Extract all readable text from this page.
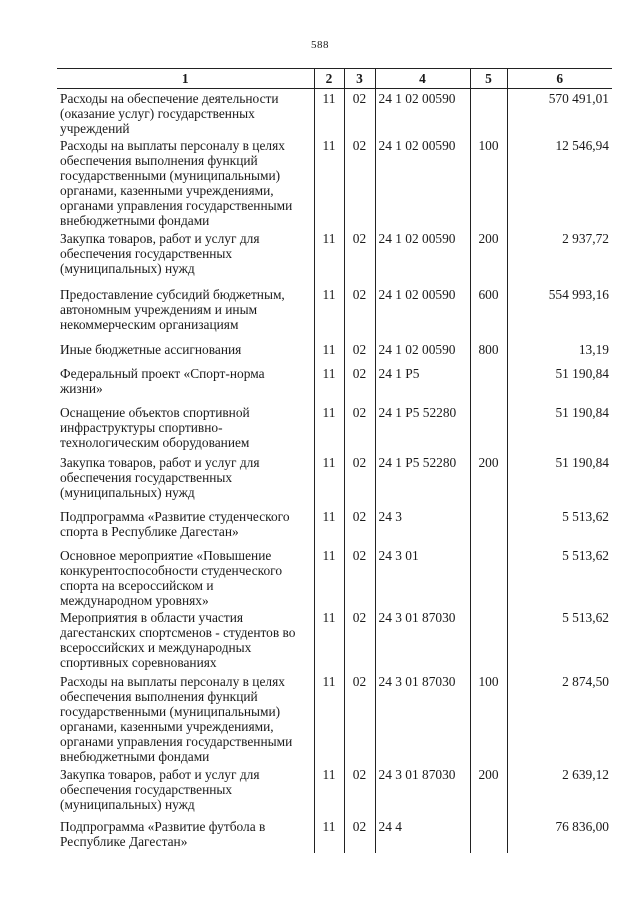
588
1	2	3	4	5	6
Расходы на обеспечение деятельности (оказание услуг) государственных учреждений	11	02	24 1 02 00590		570 491,01
Расходы на выплаты персоналу в целях обеспечения выполнения функций государственными (муниципальными) органами, казенными учреждениями, органами управления государственными внебюджетными фондами	11	02	24 1 02 00590	100	12 546,94
Закупка товаров, работ и услуг для обеспечения государственных (муниципальных) нужд	11	02	24 1 02 00590	200	2 937,72
Предоставление субсидий бюджетным, автономным учреждениям и иным некоммерческим организациям	11	02	24 1 02 00590	600	554 993,16
Иные бюджетные ассигнования	11	02	24 1 02 00590	800	13,19
Федеральный проект «Спорт-норма жизни»	11	02	24 1 P5		51 190,84
Оснащение объектов спортивной инфраструктуры спортивно-технологическим оборудованием	11	02	24 1 P5 52280		51 190,84
Закупка товаров, работ и услуг для обеспечения государственных (муниципальных) нужд	11	02	24 1 P5 52280	200	51 190,84
Подпрограмма «Развитие студенческого спорта в Республике Дагестан»	11	02	24 3		5 513,62
Основное мероприятие «Повышение конкурентоспособности студенческого спорта на всероссийском и международном уровнях»	11	02	24 3 01		5 513,62
Мероприятия в области участия дагестанских спортсменов - студентов во всероссийских и международных спортивных соревнованиях	11	02	24 3 01 87030		5 513,62
Расходы на выплаты персоналу в целях обеспечения выполнения функций государственными (муниципальными) органами, казенными учреждениями, органами управления государственными внебюджетными фондами	11	02	24 3 01 87030	100	2 874,50
Закупка товаров, работ и услуг для обеспечения государственных (муниципальных) нужд	11	02	24 3 01 87030	200	2 639,12
Подпрограмма «Развитие футбола в Республике Дагестан»	11	02	24 4		76 836,00
